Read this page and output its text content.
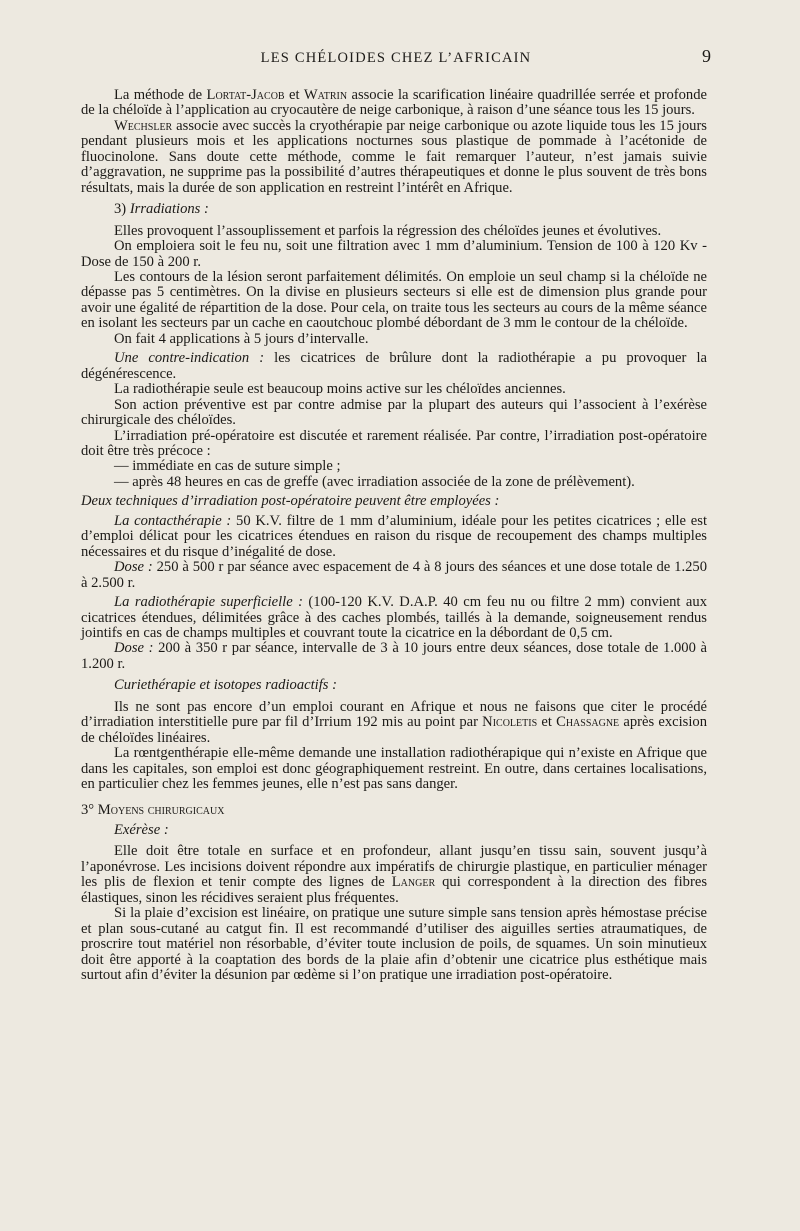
LES CHÉLOIDES CHEZ L’AFRICAIN	9

La méthode de Lortat-Jacob et Watrin associe la scarification linéaire quadrillée serrée et profonde de la chéloïde à l’application au cryocautère de neige carbonique, à raison d’une séance tous les 15 jours.

Wechsler associe avec succès la cryothérapie par neige carbonique ou azote liquide tous les 15 jours pendant plusieurs mois et les applications nocturnes sous plastique de pommade à l’acétonide de fluocinolone. Sans doute cette méthode, comme le fait remarquer l’auteur, n’est jamais suivie d’aggravation, ne supprime pas la possibilité d’autres thérapeutiques et donne le plus souvent de très bons résultats, mais la durée de son application en restreint l’intérêt en Afrique.

3) Irradiations :

Elles provoquent l’assouplissement et parfois la régression des chéloïdes jeunes et évolutives.

On emploiera soit le feu nu, soit une filtration avec 1 mm d’aluminium. Tension de 100 à 120 Kv - Dose de 150 à 200 r.

Les contours de la lésion seront parfaitement délimités. On emploie un seul champ si la chéloïde ne dépasse pas 5 centimètres. On la divise en plusieurs secteurs si elle est de dimension plus grande pour avoir une égalité de répartition de la dose. Pour cela, on traite tous les secteurs au cours de la même séance en isolant les secteurs par un cache en caoutchouc plombé débordant de 3 mm le contour de la chéloïde.

On fait 4 applications à 5 jours d’intervalle.

Une contre-indication : les cicatrices de brûlure dont la radiothérapie a pu provoquer la dégénérescence.

La radiothérapie seule est beaucoup moins active sur les chéloïdes anciennes.

Son action préventive est par contre admise par la plupart des auteurs qui l’associent à l’exérèse chirurgicale des chéloïdes.

L’irradiation pré-opératoire est discutée et rarement réalisée. Par contre, l’irradiation post-opératoire doit être très précoce :

— immédiate en cas de suture simple ;

— après 48 heures en cas de greffe (avec irradiation associée de la zone de prélèvement).

Deux techniques d’irradiation post-opératoire peuvent être employées :

La contacthérapie : 50 K.V. filtre de 1 mm d’aluminium, idéale pour les petites cicatrices ; elle est d’emploi délicat pour les cicatrices étendues en raison du risque de recoupement des champs multiples nécessaires et du risque d’inégalité de dose.

Dose : 250 à 500 r par séance avec espacement de 4 à 8 jours des séances et une dose totale de 1.250 à 2.500 r.

La radiothérapie superficielle : (100-120 K.V. D.A.P. 40 cm feu nu ou filtre 2 mm) convient aux cicatrices étendues, délimitées grâce à des caches plombés, taillés à la demande, soigneusement rendus jointifs en cas de champs multiples et couvrant toute la cicatrice en la débordant de 0,5 cm.

Dose : 200 à 350 r par séance, intervalle de 3 à 10 jours entre deux séances, dose totale de 1.000 à 1.200 r.

Curiethérapie et isotopes radioactifs :

Ils ne sont pas encore d’un emploi courant en Afrique et nous ne faisons que citer le procédé d’irradiation interstitielle pure par fil d’Irrium 192 mis au point par Nicoletis et Chassagne après excision de chéloïdes linéaires.

La rœntgenthérapie elle-même demande une installation radiothérapique qui n’existe en Afrique que dans les capitales, son emploi est donc géographiquement restreint. En outre, dans certaines localisations, en particulier chez les femmes jeunes, elle n’est pas sans danger.

3° Moyens chirurgicaux

Exérèse :

Elle doit être totale en surface et en profondeur, allant jusqu’en tissu sain, souvent jusqu’à l’aponévrose. Les incisions doivent répondre aux impératifs de chirurgie plastique, en particulier ménager les plis de flexion et tenir compte des lignes de Langer qui correspondent à la direction des fibres élastiques, sinon les récidives seraient plus fréquentes.

Si la plaie d’excision est linéaire, on pratique une suture simple sans tension après hémostase précise et plan sous-cutané au catgut fin. Il est recommandé d’utiliser des aiguilles serties atraumatiques, de proscrire tout matériel non résorbable, d’éviter toute inclusion de poils, de squames. Un soin minutieux doit être apporté à la coaptation des bords de la plaie afin d’obtenir une cicatrice plus esthétique mais surtout afin d’éviter la désunion par œdème si l’on pratique une irradiation post-opératoire.
